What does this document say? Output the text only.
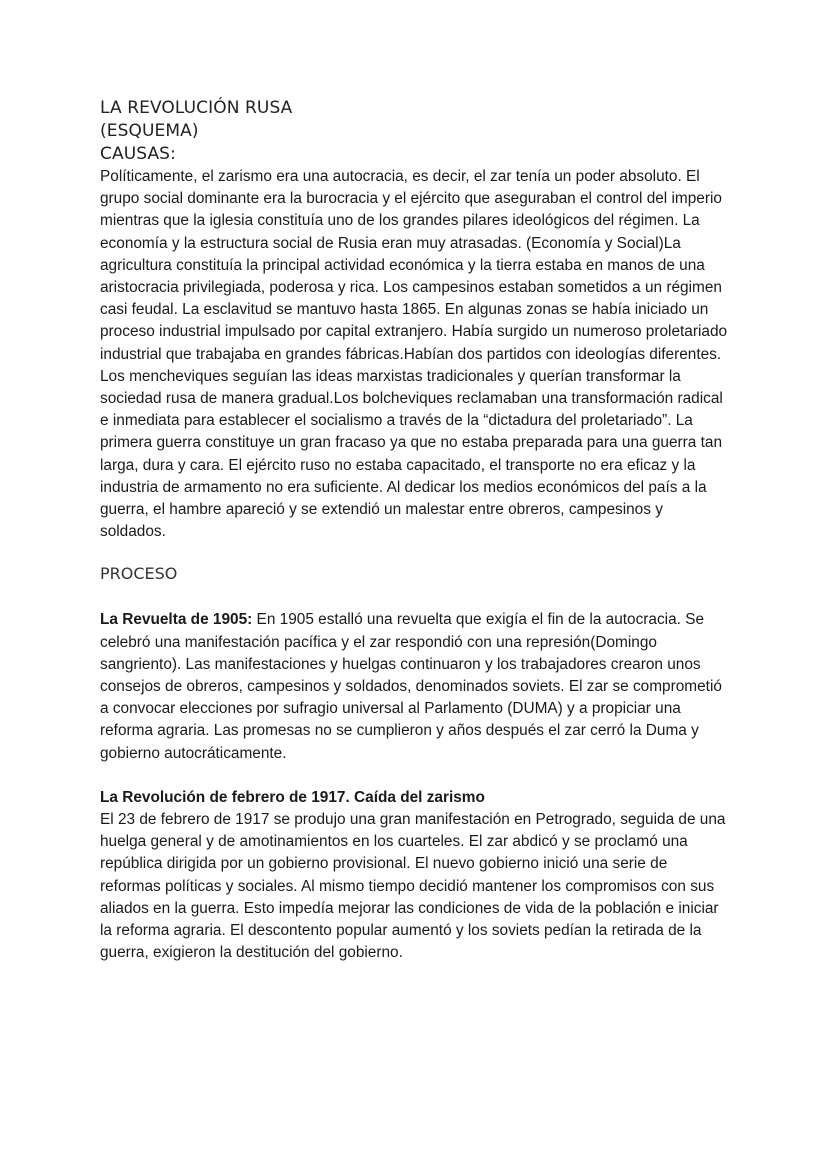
LA REVOLUCIÓN RUSA
(ESQUEMA)
CAUSAS:

Políticamente, el zarismo era una autocracia, es decir, el zar tenía un poder absoluto. El grupo social dominante era la burocracia y el ejército que aseguraban el control del imperio mientras que la iglesia constituía uno de los grandes pilares ideológicos del régimen. La economía y la estructura social de Rusia eran muy atrasadas. (Economía y Social)La agricultura constituía la principal actividad económica y la tierra estaba en manos de una aristocracia privilegiada, poderosa y rica. Los campesinos estaban sometidos a un régimen casi feudal. La esclavitud se mantuvo hasta 1865. En algunas zonas se había iniciado un proceso industrial impulsado por capital extranjero. Había surgido un numeroso proletariado industrial que trabajaba en grandes fábricas.Habían dos partidos con ideologías diferentes. Los mencheviques seguían las ideas marxistas tradicionales y querían transformar la sociedad rusa de manera gradual.Los bolcheviques reclamaban una transformación radical e inmediata para establecer el socialismo a través de la “dictadura del proletariado”. La primera guerra constituye un gran fracaso ya que no estaba preparada para una guerra tan larga, dura y cara. El ejército ruso no estaba capacitado, el transporte no era eficaz y la industria de armamento no era suficiente. Al dedicar los medios económicos del país a la guerra, el hambre apareció y se extendió un malestar entre obreros, campesinos y soldados.

PROCESO

La Revuelta de 1905: En 1905 estalló una revuelta que exigía el fin de la autocracia. Se celebró una manifestación pacífica y el zar respondió con una represión(Domingo sangriento). Las manifestaciones y huelgas continuaron y los trabajadores crearon unos consejos de obreros, campesinos y soldados, denominados soviets. El zar se comprometió a convocar elecciones por sufragio universal al Parlamento (DUMA) y a propiciar una reforma agraria. Las promesas no se cumplieron y años después el zar cerró la Duma y gobierno autocráticamente.

La Revolución de febrero de 1917. Caída del zarismo

El 23 de febrero de 1917 se produjo una gran manifestación en Petrogrado, seguida de una huelga general y de amotinamientos en los cuarteles. El zar abdicó y se proclamó una república dirigida por un gobierno provisional. El nuevo gobierno inició una serie de reformas políticas y sociales. Al mismo tiempo decidió mantener los compromisos con sus aliados en la guerra. Esto impedía mejorar las condiciones de vida de la población e iniciar la reforma agraria. El descontento popular aumentó y los soviets pedían la retirada de la guerra, exigieron la destitución del gobierno.
